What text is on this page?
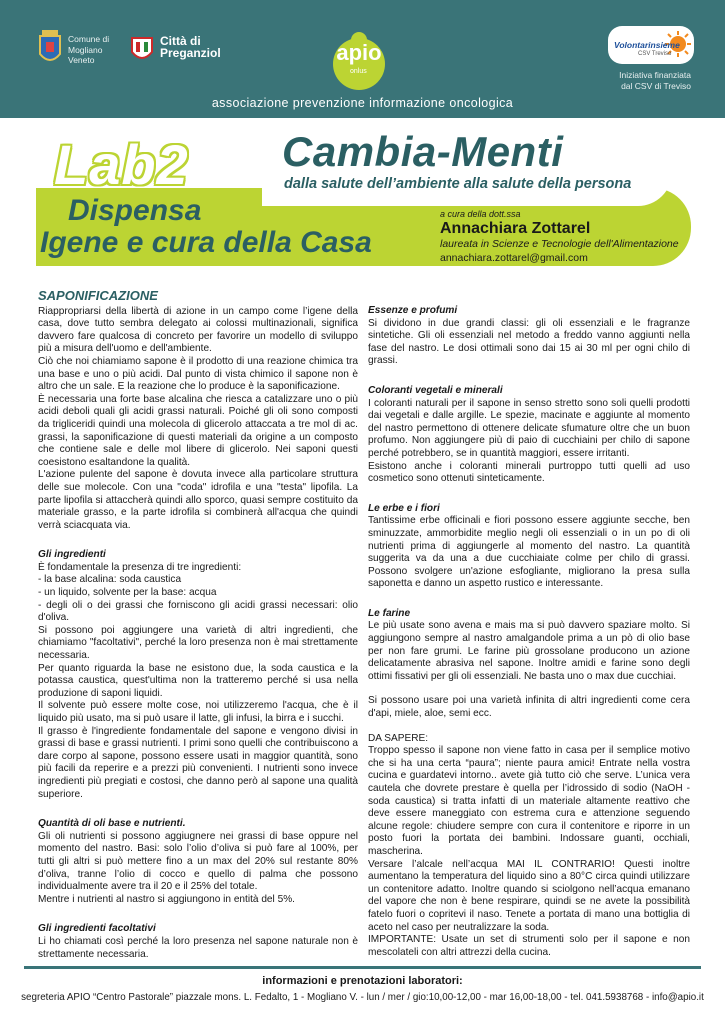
Comune di
Mogliano
Veneto
Città di
Preganziol	apio
onlus
Volontarinsieme
CSV Treviso
Iniziativa finanziata
dal CSV di Treviso
associazione prevenzione informazione oncologica
Lab2 Cambia-Menti
dalla salute dell’ambiente alla salute della persona
Dispensa
Igene e cura della Casa
a cura della dott.ssa
Annachiara Zottarel
laureata in Scienze e Tecnologie dell'Alimentazione
annachiara.zottarel@gmail.com
SAPONIFICAZIONE

Riappropriarsi della libertà di azione in un campo come l’igene della casa, dove tutto sembra delegato ai colossi multinazionali, significa davvero fare qualcosa di concreto per favorire un modello di sviluppo più a misura dell'uomo e dell'ambiente.

Ciò che noi chiamiamo sapone è il prodotto di una reazione chimica tra una base e uno o più acidi. Dal punto di vista chimico il sapone non è altro che un sale. E la reazione che lo produce è la saponificazione.

È necessaria una forte base alcalina che riesca a catalizzare uno o più acidi deboli quali gli acidi grassi naturali. Poiché gli oli sono composti da trigliceridi quindi una molecola di glicerolo attaccata a tre mol di ac. grassi, la saponificazione di questi materiali da origine a un composto che contiene sale e delle mol libere di glicerolo. Nei saponi questi coesistono esaltandone la qualità.

L'azione pulente del sapone è dovuta invece alla particolare struttura delle sue molecole. Con una "coda" idrofila e una "testa" lipofila. La parte lipofila si attaccherà quindi allo sporco, quasi sempre costituito da materiale grasso, e la parte idrofila si combinerà all'acqua che quindi verrà sciacquata via.

Gli ingredienti

È fondamentale la presenza di tre ingredienti:

- la base alcalina: soda caustica

- un liquido, solvente per la base: acqua

- degli oli o dei grassi che forniscono gli acidi grassi necessari: olio d'oliva.

Si possono poi aggiungere una varietà di altri ingredienti, che chiamiamo "facoltativi", perché la loro presenza non è mai strettamente necessaria.

Per quanto riguarda la base ne esistono due, la soda caustica e la potassa caustica, quest'ultima non la tratteremo perché si usa nella produzione di saponi liquidi.

Il solvente può essere molte cose, noi utilizzeremo l'acqua, che è il liquido più usato, ma si può usare il latte, gli infusi, la birra e i succhi.

Il grasso è l'ingrediente fondamentale del sapone e vengono divisi in grassi di base e grassi nutrienti. I primi sono quelli che contribuiscono a dare corpo al sapone, possono essere usati in maggior quantità, sono più facili da reperire e a prezzi più convenienti. I nutrienti sono invece ingredienti più pregiati e costosi, che danno però al sapone una qualità superiore.

Quantità di oli base e nutrienti.

Gli oli nutrienti si possono aggiugnere nei grassi di base oppure nel momento del nastro. Basi: solo l’olio d’oliva si può fare al 100%, per tutti gli altri si può mettere fino a un max del 20% sul restante 80% d’oliva, tranne l’olio di cocco e quello di palma che possono individualmente avere tra il 20 e il 25% del totale.

Mentre i nutrienti al nastro si aggiungono in entità del 5%.

Gli ingredienti facoltativi

Li ho chiamati così perché la loro presenza nel sapone naturale non è strettamente necessaria.

Essenze e profumi

Si dividono in due grandi classi: gli oli essenziali e le fragranze sintetiche. Gli oli essenziali nel metodo a freddo vanno aggiunti nella fase del nastro. Le dosi ottimali sono dai 15 ai 30 ml per ogni chilo di grassi.

Coloranti vegetali e minerali

I coloranti naturali per il sapone in senso stretto sono soli quelli prodotti dai vegetali e dalle argille. Le spezie, macinate e aggiunte al momento del nastro permettono di ottenere delicate sfumature oltre che un buon profumo. Non aggiungere più di paio di cucchiaini per chilo di sapone perché potrebbero, se in quantità maggiori, essere irritanti.

Esistono anche i coloranti minerali purtroppo tutti quelli ad uso cosmetico sono ottenuti sinteticamente.

Le erbe e i fiori

Tantissime erbe officinali e fiori possono essere aggiunte secche, ben sminuzzate, ammorbidite meglio negli oli essenziali o in un po di oli nutrienti prima di aggiungerle al momento del nastro. La quantità suggerita va da una a due cucchiaiate colme per chilo di grassi. Possono svolgere un'azione esfogliante, migliorano la presa sulla saponetta e danno un aspetto rustico e interessante.

Le farine

Le più usate sono avena e mais ma si può davvero spaziare molto. Si aggiungono sempre al nastro amalgandole prima a un pò di olio base per non fare grumi. Le farine più grossolane producono un azione delicatamente abrasiva nel sapone. Inoltre amidi e farine sono degli ottimi fissativi per gli oli essenziali. Ne basta uno o max due cucchiai.

Si possono usare poi una varietà infinita di altri ingredienti come cera d'api, miele, aloe, semi ecc.

DA SAPERE:

Troppo spesso il sapone non viene fatto in casa per il semplice motivo che si ha una certa “paura”; niente paura amici! Entrate nella vostra cucina e guardatevi intorno.. avete già tutto ciò che serve. L’unica vera cautela che dovrete prestare è quella per l’idrossido di sodio (NaOH - soda caustica) si tratta infatti di un materiale altamente reattivo che deve essere maneggiato con estrema cura e attenzione seguendo alcune regole: chiudere sempre con cura il contenitore e riporre in un posto fuori la portata dei bambini. Indossare guanti, occhiali, mascherina.

Versare l’alcale nell’acqua MAI IL CONTRARIO! Questi inoltre aumentano la temperatura del liquido sino a 80°C circa quindi utilizzare un contenitore adatto. Inoltre quando si sciolgono nell’acqua emanano del vapore che non è bene respirare, quindi se ne avete la possibilità fatelo fuori o copritevi il naso. Tenete a portata di mano una bottiglia di aceto nel caso per neutralizzare la soda.

IMPORTANTE: Usate un set di strumenti solo per il sapone e non mescolateli con altri attrezzi della cucina.

informazioni e prenotazioni laboratori:
segreteria APIO “Centro Pastorale” piazzale mons. L. Fedalto, 1 - Mogliano V. - lun / mer / gio:10,00-12,00 - mar 16,00-18,00 - tel. 041.5938768 - info@apio.it
